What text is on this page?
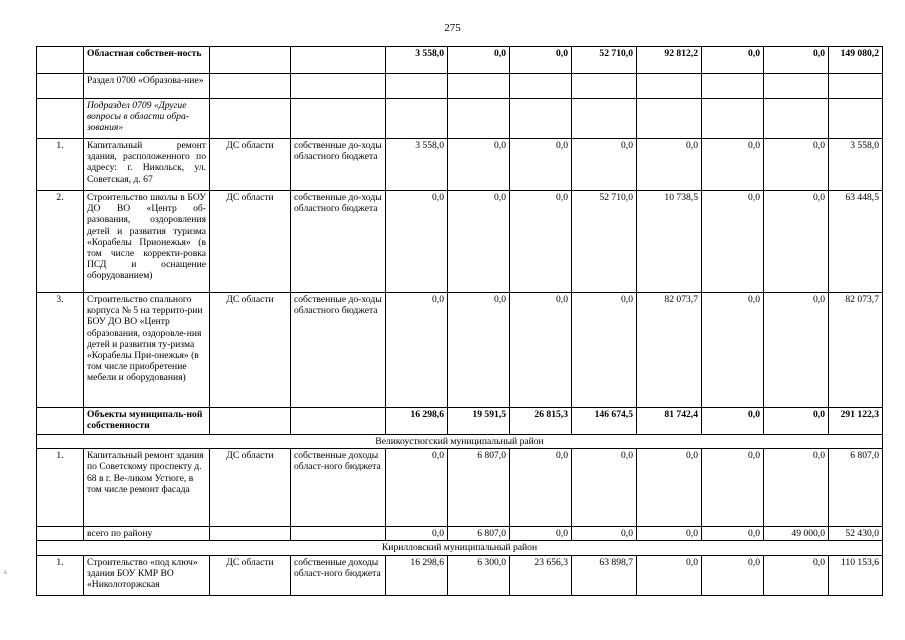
275
s
	Областная собствен-ность			3 558,0	0,0	0,0	52 710,0	92 812,2	0,0	0,0	149 080,2
	Раздел 0700 «Образова-ние»										
	Подраздел 0709 «Другие вопросы в области обра-зования»										
1.	Капитальный ремонт здания, расположенного по адресу: г. Никольск, ул. Советская, д. 67	ДС области	собственные до-ходы областного бюджета	3 558,0	0,0	0,0	0,0	0,0	0,0	0,0	3 558,0
2.	Строительство школы в БОУ ДО ВО «Центр об-разования, оздоровления детей и развития туризма «Корабелы Прионежья» (в том числе корректи-ровка ПСД и оснащение оборудованием)	ДС области	собственные до-ходы областного бюджета	0,0	0,0	0,0	52 710,0	10 738,5	0,0	0,0	63 448,5
3.	Строительство спального корпуса № 5 на террито-рии БОУ ДО ВО «Центр образования, оздоровле-ния детей и развития ту-ризма «Корабелы При-онежья» (в том числе приобретение мебели и оборудования)	ДС области	собственные до-ходы областного бюджета	0,0	0,0	0,0	0,0	82 073,7	0,0	0,0	82 073,7
	Объекты муниципаль-ной собственности			16 298,6	19 591,5	26 815,3	146 674,5	81 742,4	0,0	0,0	291 122,3
Великоустюгский муниципальный район											
1.	Капитальный ремонт здания по Советскому проспекту д. 68 в г. Ве-ликом Устюге, в том числе ремонт фасада	ДС области	собственные доходы област-ного бюджета	0,0	6 807,0	0,0	0,0	0,0	0,0	0,0	6 807,0
	всего по району			0,0	6 807,0	0,0	0,0	0,0	0,0	49 000,0	52 430,0
Кирилловский муниципальный район											
1.	Строительство «под ключ» здания БОУ КМР ВО «Николоторжская	ДС области	собственные доходы област-ного бюджета	16 298,6	6 300,0	23 656,3	63 898,7	0,0	0,0	0,0	110 153,6
